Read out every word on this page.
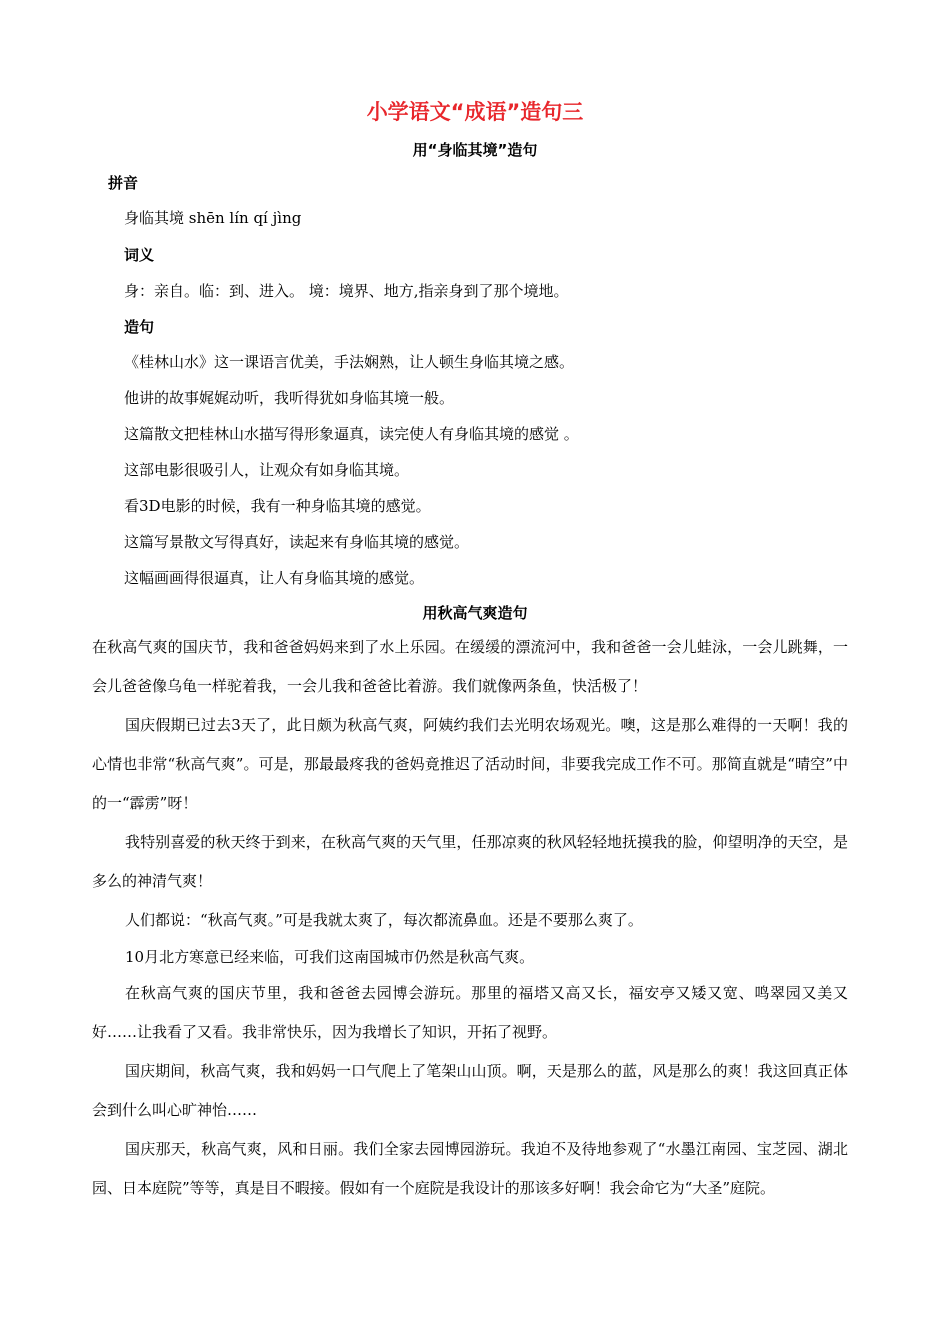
小学语文“成语”造句三
用“身临其境”造句
拼音
身临其境 shēn lín qí jìng
词义
身：亲自。临：到、进入。 境：境界、地方,指亲身到了那个境地。
造句
《桂林山水》这一课语言优美，手法娴熟，让人顿生身临其境之感。
他讲的故事娓娓动听，我听得犹如身临其境一般。
这篇散文把桂林山水描写得形象逼真，读完使人有身临其境的感觉 。
这部电影很吸引人，让观众有如身临其境。
看3D电影的时候，我有一种身临其境的感觉。
这篇写景散文写得真好，读起来有身临其境的感觉。
这幅画画得很逼真，让人有身临其境的感觉。
用秋高气爽造句
在秋高气爽的国庆节，我和爸爸妈妈来到了水上乐园。在缓缓的漂流河中，我和爸爸一会儿蛙泳，一会儿跳舞，一会儿爸爸像乌龟一样驼着我，一会儿我和爸爸比着游。我们就像两条鱼，快活极了！
国庆假期已过去3天了，此日颇为秋高气爽，阿姨约我们去光明农场观光。噢，这是那么难得的一天啊！我的心情也非常“秋高气爽”。可是，那最最疼我的爸妈竟推迟了活动时间，非要我完成工作不可。那简直就是“晴空”中的一“霹雳”呀！
我特别喜爱的秋天终于到来，在秋高气爽的天气里，任那凉爽的秋风轻轻地抚摸我的脸，仰望明净的天空，是多么的神清气爽！
人们都说：“秋高气爽。”可是我就太爽了，每次都流鼻血。还是不要那么爽了。
10月北方寒意已经来临，可我们这南国城市仍然是秋高气爽。
在秋高气爽的国庆节里，我和爸爸去园博会游玩。那里的福塔又高又长，福安亭又矮又宽、鸣翠园又美又好……让我看了又看。我非常快乐，因为我增长了知识，开拓了视野。
国庆期间，秋高气爽，我和妈妈一口气爬上了笔架山山顶。啊，天是那么的蓝，风是那么的爽！我这回真正体会到什么叫心旷神怡……
国庆那天，秋高气爽，风和日丽。我们全家去园博园游玩。我迫不及待地参观了“水墨江南园、宝芝园、湖北园、日本庭院”等等，真是目不暇接。假如有一个庭院是我设计的那该多好啊！我会命它为“大圣”庭院。
